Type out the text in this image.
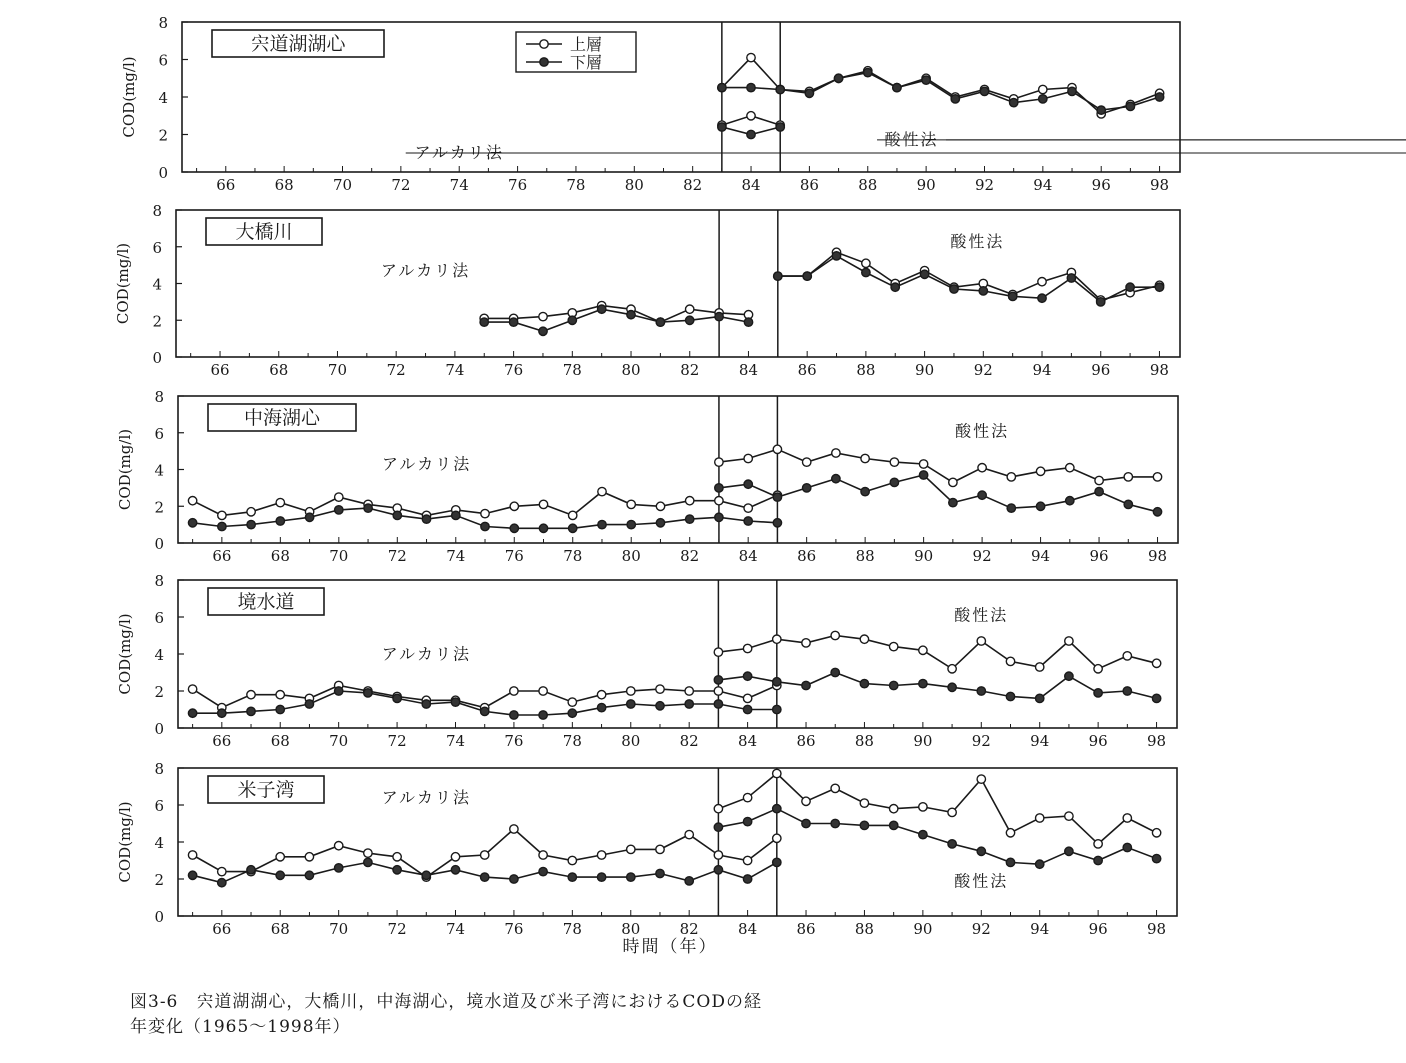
0
2
4
6
8
66	68	70	72	74	76	78	80	82	84	86	88	90	92	94	96	98
COD(mg/l)
宍道湖湖心
アルカリ法
酸性法
上層
下層
0
2
4
6
8
66	68	70	72	74	76	78	80	82	84	86	88	90	92	94	96	98
COD(mg/l)
大橋川
アルカリ法
酸性法
0
2
4
6
8
66	68	70	72	74	76	78	80	82	84	86	88	90	92	94	96	98
COD(mg/l)
中海湖心
アルカリ法
酸性法
0
2
4
6
8
66	68	70	72	74	76	78	80	82	84	86	88	90	92	94	96	98
COD(mg/l)
境水道
アルカリ法
酸性法
0
2
4
6
8
66	68	70	72	74	76	78	80	82	84	86	88	90	92	94	96	98
COD(mg/l)
米子湾	アルカリ法
酸性法
時間（年）
図3-6　宍道湖湖心，大橋川，中海湖心，境水道及び米子湾におけるCODの経
年変化（1965～1998年）
